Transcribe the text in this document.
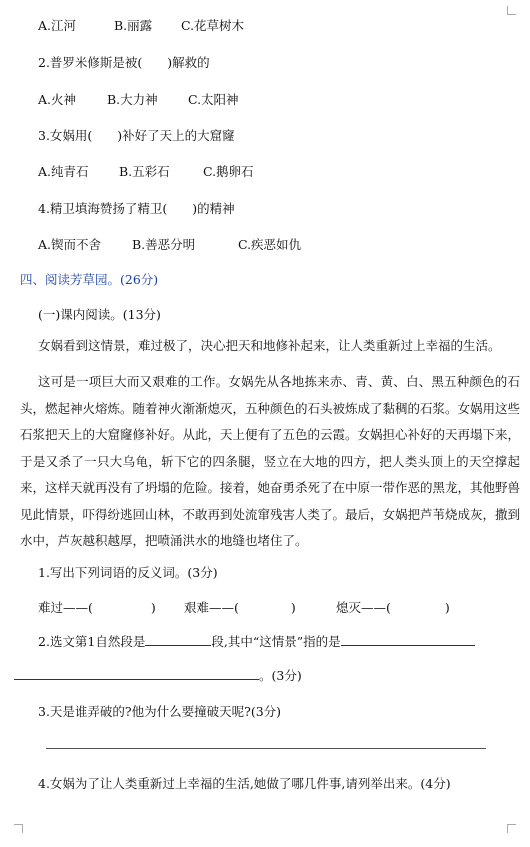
A.江河	B.丽露 C.花草树木
2.普罗米修斯是被(　　)解救的
A.火神 B.大力神 C.太阳神
3.女娲用(　　)补好了天上的大窟窿
A.纯青石 B.五彩石	C.鹅卵石
4.精卫填海赞扬了精卫(　　)的精神
A.锲而不舍 B.善恶分明	C.疾恶如仇
四、阅读芳草园。(26分)
(一)课内阅读。(13分)
女娲看到这情景，难过极了，决心把天和地修补起来，让人类重新过上幸福的生活。
这可是一项巨大而又艰难的工作。女娲先从各地拣来赤、青、黄、白、黑五种颜色的石头，燃起神火熔炼。随着神火渐渐熄灭，五种颜色的石头被炼成了黏稠的石浆。女娲用这些石浆把天上的大窟窿修补好。从此，天上便有了五色的云霞。女娲担心补好的天再塌下来，于是又杀了一只大乌龟，斩下它的四条腿，竖立在大地的四方，把人类头顶上的天空撑起来，这样天就再没有了坍塌的危险。接着，她奋勇杀死了在中原一带作恶的黑龙，其他野兽见此情景，吓得纷逃回山林，不敢再到处流窜残害人类了。最后，女娲把芦苇烧成灰，撒到水中，芦灰越积越厚，把喷涌洪水的地缝也堵住了。
1.写出下列词语的反义词。(3分)
难过——(	) 艰难——(	)	熄灭——(	)
2.选文第1自然段是	段,其中“这情景”指的是
。(3分)
3.天是谁弄破的?他为什么要撞破天呢?(3分)
4.女娲为了让人类重新过上幸福的生活,她做了哪几件事,请列举出来。(4分)
